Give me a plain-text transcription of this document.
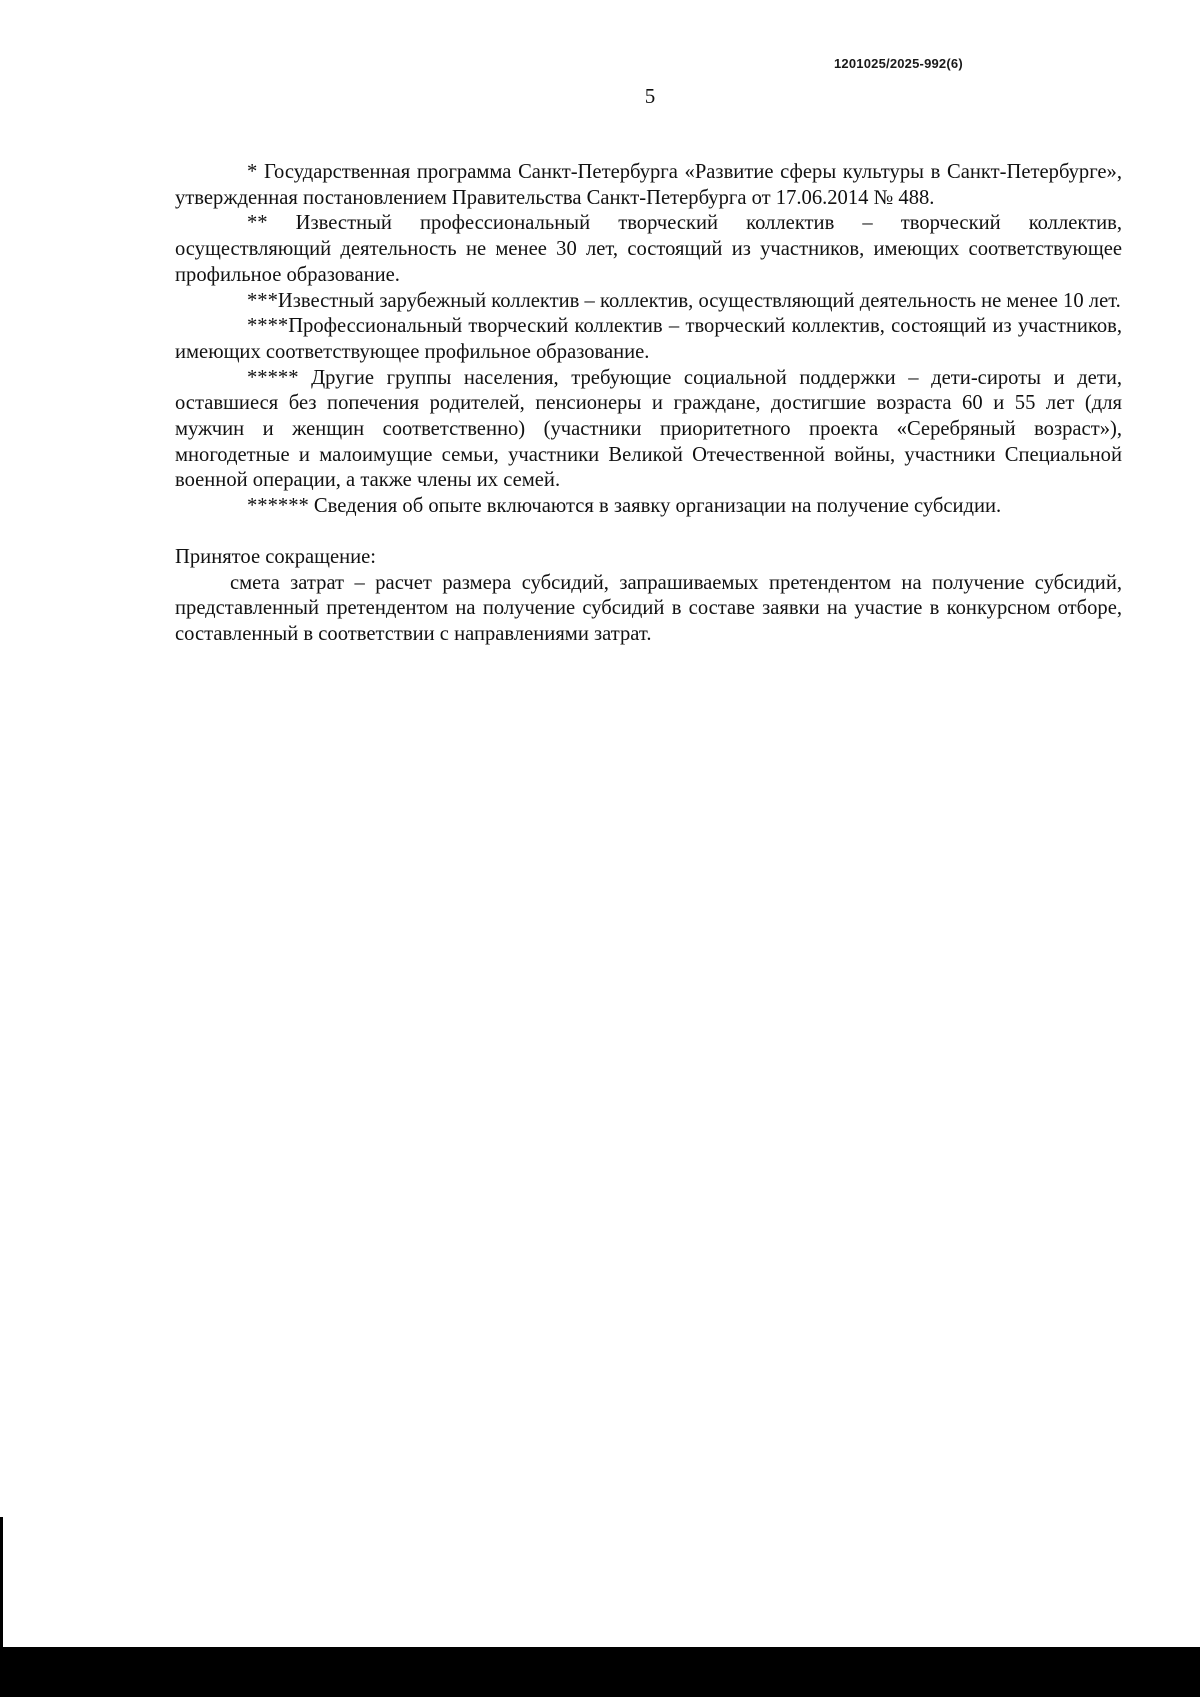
1201025/2025-992(6)
5

* Государственная программа Санкт-Петербурга «Развитие сферы культуры в Санкт-Петербурге», утвержденная постановлением Правительства Санкт-Петербурга от 17.06.2014 № 488.

** Известный профессиональный творческий коллектив – творческий коллектив, осуществляющий деятельность не менее 30 лет, состоящий из участников, имеющих соответствующее профильное образование.

***Известный зарубежный коллектив – коллектив, осуществляющий деятельность не менее 10 лет.

****Профессиональный творческий коллектив – творческий коллектив, состоящий из участников, имеющих соответствующее профильное образование.

***** Другие группы населения, требующие социальной поддержки – дети-сироты и дети, оставшиеся без попечения родителей, пенсионеры и граждане, достигшие возраста 60 и 55 лет (для мужчин и женщин соответственно) (участники приоритетного проекта «Серебряный возраст»), многодетные и малоимущие семьи, участники Великой Отечественной войны, участники Специальной военной операции, а также члены их семей.

****** Сведения об опыте включаются в заявку организации на получение субсидии.

Принятое сокращение:

смета затрат – расчет размера субсидий, запрашиваемых претендентом на получение субсидий, представленный претендентом на получение субсидий в составе заявки на участие в конкурсном отборе, составленный в соответствии с направлениями затрат.
